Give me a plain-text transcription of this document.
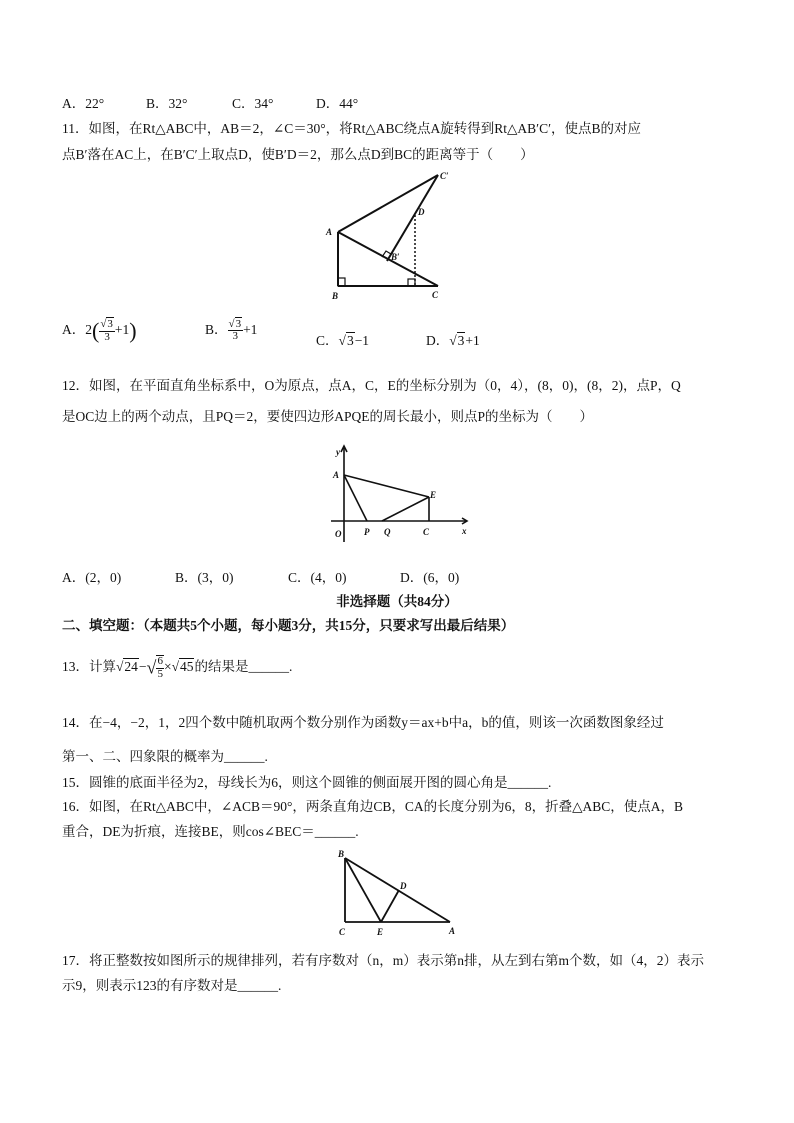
A．22°	B．32°	C．34°	D．44°
11．如图，在Rt△ABC中，AB＝2，∠C＝30°，将Rt△ABC绕点A旋转得到Rt△AB′C′，使点B的对应
点B′落在AC上，在B′C′上取点D，使B′D＝2，那么点D到BC的距离等于（　　）
A
B	C
C′
D
B′
A．$2( \frac{√3}{3} +1)$	B． $\frac{√3}{3} +1$
C．√3−1	D．√3+1
12．如图，在平面直角坐标系中，O为原点，点A，C，E的坐标分别为（0，4），(8，0)，(8，2)，点P，Q
是OC边上的两个动点，且PQ＝2，要使四边形APQE的周长最小，则点P的坐标为（　　）
y
x
O
A
P Q	C
E
A．(2，0)	B．(3，0)	C．(4，0)	D．(6，0)
非选择题（共84分）
二、填空题：（本题共5个小题，每小题3分，共15分，只要求写出最后结果）
13．计算$√24-√ \frac{6}{5} \times√45$的结果是______.
14．在−4，−2，1，2四个数中随机取两个数分别作为函数y＝ax+b中a，b的值，则该一次函数图象经过
第一、二、四象限的概率为______.
15．圆锥的底面半径为2，母线长为6，则这个圆锥的侧面展开图的圆心角是______.
16．如图，在Rt△ABC中，∠ACB＝90°，两条直角边CB，CA的长度分别为6，8，折叠△ABC，使点A，B
重合，DE为折痕，连接BE，则cos∠BEC＝______.
B
D
C	E	A
17．将正整数按如图所示的规律排列，若有序数对（n，m）表示第n排，从左到右第m个数，如（4，2）表示
示9，则表示123的有序数对是______.
